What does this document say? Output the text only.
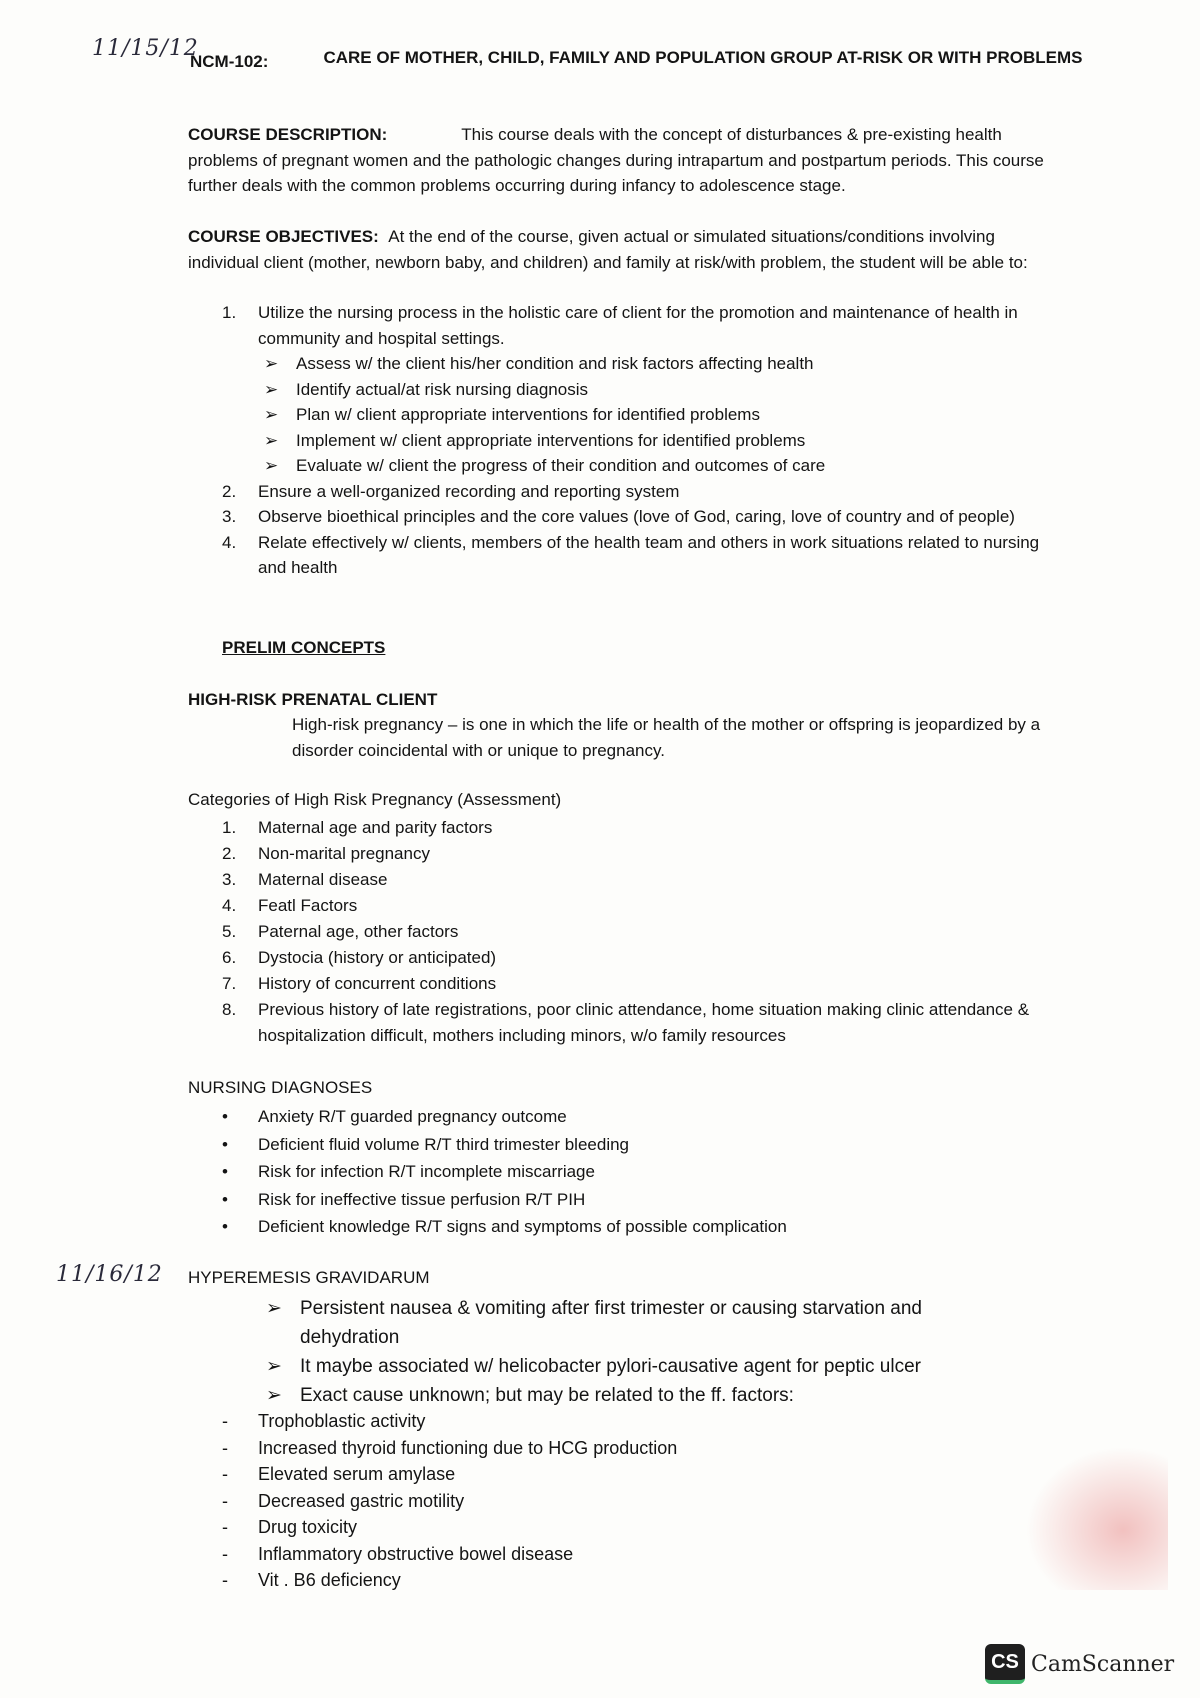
11/15/12
NCM-102:	CARE OF MOTHER, CHILD, FAMILY AND POPULATION GROUP AT-RISK OR WITH PROBLEMS
COURSE DESCRIPTION:	This course deals with the concept of disturbances & pre-existing health problems of pregnant women and the pathologic changes during intrapartum and postpartum periods. This course further deals with the common problems occurring during infancy to adolescence stage.
COURSE OBJECTIVES: At the end of the course, given actual or simulated situations/conditions involving individual client (mother, newborn baby, and children) and family at risk/with problem, the student will be able to:
1.	Utilize the nursing process in the holistic care of client for the promotion and maintenance of health in community and hospital settings.
➢	Assess w/ the client his/her condition and risk factors affecting health
➢	Identify actual/at risk nursing diagnosis
➢	Plan w/ client appropriate interventions for identified problems
➢	Implement w/ client appropriate interventions for identified problems
➢	Evaluate w/ client the progress of their condition and outcomes of care
2.	Ensure a well-organized recording and reporting system
3.	Observe bioethical principles and the core values (love of God, caring, love of country and of people)
4.	Relate effectively w/ clients, members of the health team and others in work situations related to nursing and health
PRELIM CONCEPTS
HIGH-RISK PRENATAL CLIENT
High-risk pregnancy – is one in which the life or health of the mother or offspring is jeopardized by a disorder coincidental with or unique to pregnancy.
Categories of High Risk Pregnancy (Assessment)
1.	Maternal age and parity factors
2.	Non-marital pregnancy
3.	Maternal disease
4.	Featl Factors
5.	Paternal age, other factors
6.	Dystocia (history or anticipated)
7.	History of concurrent conditions
8.	Previous history of late registrations, poor clinic attendance, home situation making clinic attendance & hospitalization difficult, mothers including minors, w/o family resources
NURSING DIAGNOSES
•	Anxiety R/T guarded pregnancy outcome
•	Deficient fluid volume R/T third trimester bleeding
•	Risk for infection R/T incomplete miscarriage
•	Risk for ineffective tissue perfusion R/T PIH
•	Deficient knowledge R/T signs and symptoms of possible complication
11/16/12 HYPEREMESIS GRAVIDARUM
➢ Persistent nausea & vomiting after first trimester or causing starvation and dehydration
➢ It maybe associated w/ helicobacter pylori-causative agent for peptic ulcer
➢ Exact cause unknown; but may be related to the ff. factors:
-	Trophoblastic activity
-	Increased thyroid functioning due to HCG production
-	Elevated serum amylase
-	Decreased gastric motility
-	Drug toxicity
-	Inflammatory obstructive bowel disease
-	Vit . B6 deficiency
CS CamScanner
